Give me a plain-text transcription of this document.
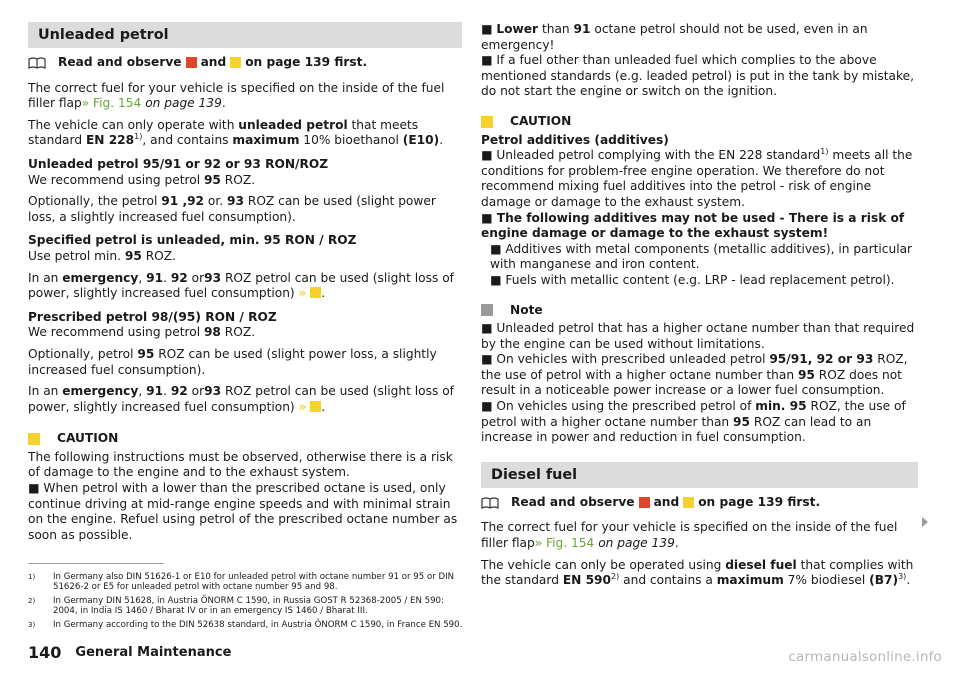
Unleaded petrol
Read and observe and on page 139 first.

The correct fuel for your vehicle is specified on the inside of the fuel filler flap» Fig. 154 on page 139.

The vehicle can only operate with unleaded petrol that meets standard EN 228$^{1)}$, and contains maximum 10% bioethanol (E10).

Unleaded petrol 95/91 or 92 or 93 RON/ROZ

We recommend using petrol 95 ROZ.

Optionally, the petrol 91 ,92 or. 93 ROZ can be used (slight power loss, a slightly increased fuel consumption).

Specified petrol is unleaded, min. 95 RON / ROZ

Use petrol min. 95 ROZ.

In an emergency, 91. 92 or93 ROZ petrol can be used (slight loss of power, slightly increased fuel consumption) » .

Prescribed petrol 98/(95) RON / ROZ

We recommend using petrol 98 ROZ.

Optionally, petrol 95 ROZ can be used (slight power loss, a slightly increased fuel consumption).

In an emergency, 91. 92 or93 ROZ petrol can be used (slight loss of power, slightly increased fuel consumption) » .

CAUTION

The following instructions must be observed, otherwise there is a risk of damage to the engine and to the exhaust system.

■ When petrol with a lower than the prescribed octane is used, only continue driving at mid-range engine speeds and with minimal strain on the engine. Refuel using petrol of the prescribed octane number as soon as possible.

■ Lower than 91 octane petrol should not be used, even in an emergency!

■ If a fuel other than unleaded fuel which complies to the above mentioned standards (e.g. leaded petrol) is put in the tank by mistake, do not start the engine or switch on the ignition.

CAUTION

Petrol additives (additives)

■ Unleaded petrol complying with the EN 228 standard$^{1)}$ meets all the conditions for problem-free engine operation. We therefore do not recommend mixing fuel additives into the petrol - risk of engine damage or damage to the exhaust system.

■ The following additives may not be used - There is a risk of engine damage or damage to the exhaust system!

■ Additives with metal components (metallic additives), in particular with manganese and iron content.

■ Fuels with metallic content (e.g. LRP - lead replacement petrol).

Note

■ Unleaded petrol that has a higher octane number than that required by the engine can be used without limitations.

■ On vehicles with prescribed unleaded petrol 95/91, 92 or 93 ROZ, the use of petrol with a higher octane number than 95 ROZ does not result in a noticeable power increase or a lower fuel consumption.

■ On vehicles using the prescribed petrol of min. 95 ROZ, the use of petrol with a higher octane number than 95 ROZ can lead to an increase in power and reduction in fuel consumption.

Diesel fuel
Read and observe and on page 139 first.

The correct fuel for your vehicle is specified on the inside of the fuel filler flap» Fig. 154 on page 139.

The vehicle can only be operated using diesel fuel that complies with the standard EN 590$^{2)}$ and contains a maximum 7% biodiesel $(B7)^{3)}$.

1)	In Germany also DIN 51626-1 or E10 for unleaded petrol with octane number 91 or 95 or DIN 51626-2 or E5 for unleaded petrol with octane number 95 and 98.
2)	In Germany DIN 51628, in Austria ÖNORM C 1590, in Russia GOST R 52368-2005 / EN 590: 2004, in India IS 1460 / Bharat IV or in an emergency IS 1460 / Bharat III.
3)	In Germany according to the DIN 52638 standard, in Austria ÖNORM C 1590, in France EN 590.
140 General Maintenance	carmanualsonline.info
